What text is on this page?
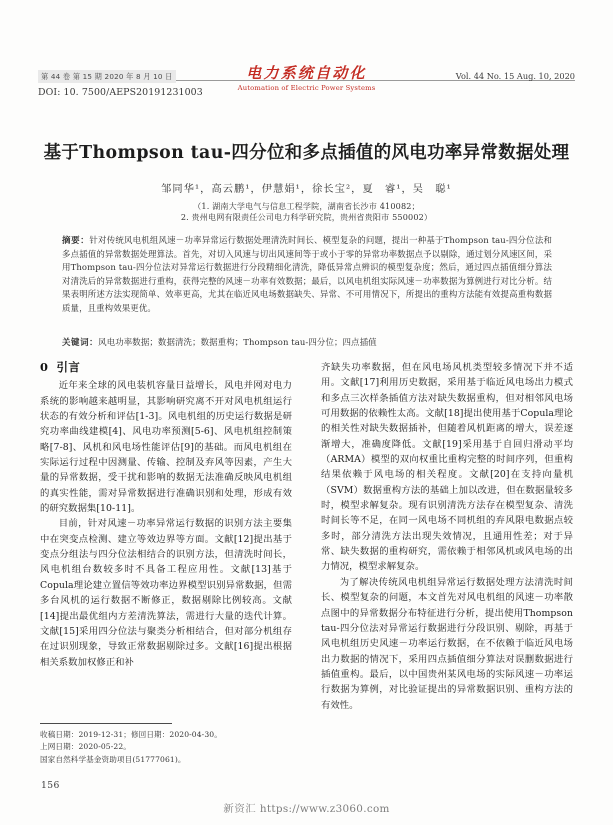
第 44 卷 第 15 期 2020 年 8 月 10 日
DOI: 10. 7500/AEPS20191231003
电力系统自动化
Automation of Electric Power Systems
Vol. 44 No. 15 Aug. 10, 2020
基于Thompson tau-四分位和多点插值的风电功率异常数据处理
邹同华¹，高云鹏¹，伊慧娟¹，徐长宝²，夏　睿¹，吴　聪¹
（1. 湖南大学电气与信息工程学院，湖南省长沙市 410082；
2. 贵州电网有限责任公司电力科学研究院，贵州省贵阳市 550002）
摘要：针对传统风电机组风速－功率异常运行数据处理清洗时间长、模型复杂的问题，提出一种基于Thompson tau-四分位法和多点插值的异常数据处理算法。首先，对切入风速与切出风速间等于或小于零的异常功率数据点予以剔除，通过划分风速区间，采用Thompson tau-四分位法对异常运行数据进行分段精细化清洗，降低异常点辨识的模型复杂度；然后，通过四点插值细分算法对清洗后的异常数据进行重构，获得完整的风速－功率有效数据；最后，以风电机组实际风速－功率数据为算例进行对比分析。结果表明所述方法实现简单、效率更高，尤其在临近风电场数据缺失、异常、不可用情况下，所提出的重构方法能有效提高重构数据质量，且重构效果更优。
关键词：风电功率数据；数据清洗；数据重构；Thompson tau-四分位；四点插值
0 引言

近年来全球的风电装机容量日益增长，风电并网对电力系统的影响越来越明显，其影响研究离不开对风电机组运行状态的有效分析和评估[1-3]。风电机组的历史运行数据是研究功率曲线建模[4]、风电功率预测[5-6]、风电机组控制策略[7-8]、风机和风电场性能评估[9]的基础。而风电机组在实际运行过程中因测量、传输、控制及弃风等因素，产生大量的异常数据，受干扰和影响的数据无法准确反映风电机组的真实性能，需对异常数据进行准确识别和处理，形成有效的研究数据集[10-11]。

目前，针对风速－功率异常运行数据的识别方法主要集中在突变点检测、建立等效边界等方面。文献[12]提出基于变点分组法与四分位法相结合的识别方法，但清洗时间长，风电机组台数较多时不具备工程应用性。文献[13]基于Copula理论建立置信等效功率边界模型识别异常数据，但需多台风机的运行数据不断修正，数据剔除比例较高。文献[14]提出最优组内方差清洗算法，需进行大量的迭代计算。文献[15]采用四分位法与聚类分析相结合，但对部分机组存在过识别现象，导致正常数据剔除过多。文献[16]提出根据相关系数加权修正和补

齐缺失功率数据，但在风电场风机类型较多情况下并不适用。文献[17]利用历史数据，采用基于临近风电场出力模式和多点三次样条插值方法对缺失数据重构，但对相邻风电场可用数据的依赖性太高。文献[18]提出使用基于Copula理论的相关性对缺失数据插补，但随着风机距离的增大，误差逐渐增大，准确度降低。文献[19]采用基于自回归滑动平均（ARMA）模型的双向权重比重构完整的时间序列，但重构结果依赖于风电场的相关程度。文献[20]在支持向量机（SVM）数据重构方法的基础上加以改进，但在数据量较多时，模型求解复杂。现有识别清洗方法存在模型复杂、清洗时间长等不足，在同一风电场不同机组的弃风限电数据点较多时，部分清洗方法出现失效情况，且通用性差；对于异常、缺失数据的重构研究，需依赖于相邻风机或风电场的出力情况，模型求解复杂。

为了解决传统风电机组异常运行数据处理方法清洗时间长、模型复杂的问题，本文首先对风电机组的风速－功率散点图中的异常数据分布特征进行分析，提出使用Thompson tau-四分位法对异常运行数据进行分段识别、剔除，再基于风电机组历史风速－功率运行数据，在不依赖于临近风电场出力数据的情况下，采用四点插值细分算法对误删数据进行插值重构。最后，以中国贵州某风电场的实际风速－功率运行数据为算例，对比验证提出的异常数据识别、重构方法的有效性。

收稿日期：2019-12-31；修回日期：2020-04-30。
上网日期：2020-05-22。
国家自然科学基金资助项目(51777061)。
156
新资汇 https://www.z3060.com
